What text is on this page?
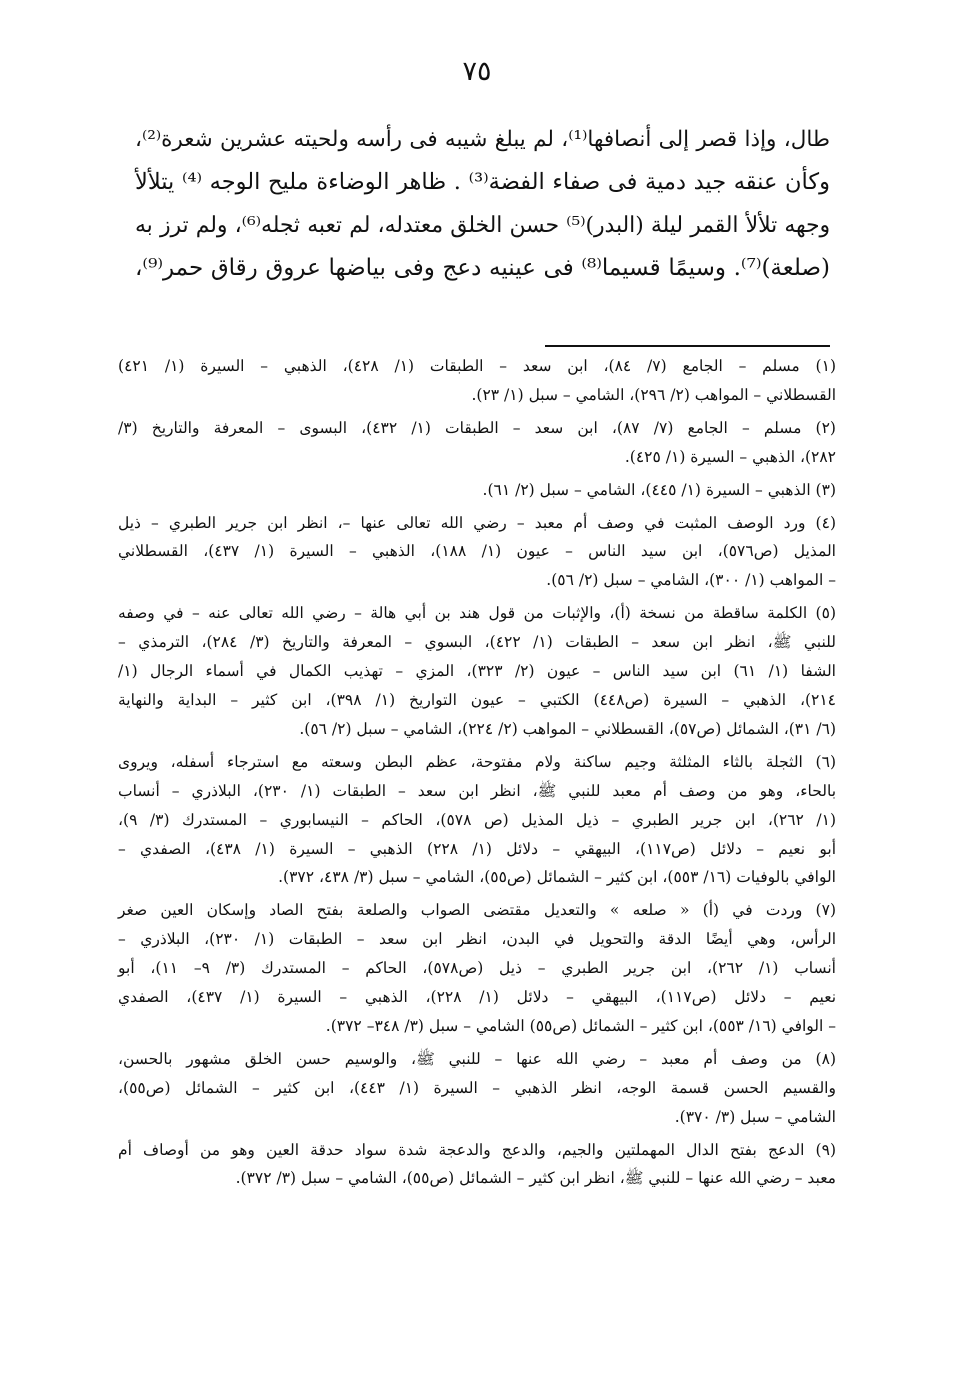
٧٥
طال، وإذا قصر إلى أنصافها⁽¹⁾، لم يبلغ شيبه فى رأسه ولحيته عشرين شعرة⁽²⁾،
وكأن عنقه جيد دمية فى صفاء الفضة⁽³⁾ . ظاهر الوضاءة مليح الوجه ⁽⁴⁾ يتلألأ
وجهه تلألأ القمر ليلة (البدر)⁽⁵⁾ حسن الخلق معتدله، لم تعبه ثجله⁽⁶⁾، ولم ترز به
(صلعة)⁽⁷⁾. وسيمًا قسيما⁽⁸⁾ فى عينيه دعج وفى بياضها عروق رقاق حمر⁽⁹⁾،
(١) مسلم – الجامع (٧/ ٨٤)، ابن سعد – الطبقات (١/ ٤٢٨)، الذهبي – السيرة (١/ ٤٢١)
القسطلاني – المواهب (٢/ ٢٩٦)، الشامي – سبل (١/ ٢٣).
(٢) مسلم – الجامع (٧/ ٨٧)، ابن سعد – الطبقات (١/ ٤٣٢)، البسوى – المعرفة والتاريخ (٣/
٢٨٢)، الذهبي – السيرة (١/ ٤٢٥).
(٣) الذهبي – السيرة (١/ ٤٤٥)، الشامي – سبل (٢/ ٦١).
(٤) ورد الوصف المثبت في وصف أم معبد – رضي الله تعالى عنها –، انظر ابن جرير الطبري – ذيل
المذيل (ص٥٧٦)، ابن سيد الناس – عيون (١/ ١٨٨)، الذهبي – السيرة (١/ ٤٣٧)، القسطلاني
– المواهب (١/ ٣٠٠)، الشامي – سبل (٢/ ٥٦).
(٥) الكلمة ساقطة من نسخة (أ)، والإثبات من قول هند بن أبي هالة – رضي الله تعالى عنه – في وصفه
للنبي ﷺ، انظر ابن سعد – الطبقات (١/ ٤٢٢)، البسوي – المعرفة والتاريخ (٣/ ٢٨٤)، الترمذي –
الشفا (١/ ٦١) ابن سيد الناس – عيون (٢/ ٣٢٣)، المزي – تهذيب الكمال في أسماء الرجال (١/
٢١٤)، الذهبي – السيرة (ص٤٤٨) الكتبي – عيون التواريخ (١/ ٣٩٨)، ابن كثير – البداية والنهاية
(٦/ ٣١)، الشمائل (ص٥٧)، القسطلاني – المواهب (٢/ ٢٢٤)، الشامي – سبل (٢/ ٥٦).
(٦) الثجلة بالثاء المثلثة وجيم ساكنة ولام مفتوحة، عظم البطن وسعته مع استرجاء أسفله، ويروى
بالحاء، وهو من وصف أم معبد للنبي ﷺ، انظر ابن سعد – الطبقات (١/ ٢٣٠)، البلاذري – أنساب
(١/ ٢٦٢)، ابن جرير الطبري – ذيل المذيل (ص ٥٧٨)، الحاكم – النيسابوري – المستدرك (٣/ ٩)،
أبو نعيم – دلائل (ص١١٧)، البيهقي – دلائل (١/ ٢٢٨) الذهبي – السيرة (١/ ٤٣٨)، الصفدي –
الوافي بالوفيات (١٦/ ٥٥٣)، ابن كثير – الشمائل (ص٥٥)، الشامي – سبل (٣/ ٤٣٨، ٣٧٢).
(٧) وردت في (أ) « صلعه » والتعديل مقتضى الصواب والصلعة بفتح الصاد وإسكان العين صغر
الرأس، وهي أيضًا الدقة والتحويل في البدن، انظر ابن سعد – الطبقات (١/ ٢٣٠)، البلاذري –
أنساب (١/ ٢٦٢)، ابن جرير الطبري – ذيل (ص٥٧٨)، الحاكم – المستدرك (٣/ ٩– ١١)، أبو
نعيم – دلائل (ص١١٧)، البيهقي – دلائل (١/ ٢٢٨)، الذهبي – السيرة (١/ ٤٣٧)، الصفدي
– الوافي (١٦/ ٥٥٣)، ابن كثير – الشمائل (ص٥٥) الشامي – سبل (٣/ ٣٤٨– ٣٧٢).
(٨) من وصف أم معبد – رضي الله عنها – للنبي ﷺ، والوسيم حسن الخلق مشهور بالحسن،
والقسيم الحسن قسمة الوجه، انظر الذهبي – السيرة (١/ ٤٤٣)، ابن كثير – الشمائل (ص٥٥)،
الشامي – سبل (٣/ ٣٧٠).
(٩) الدعج بفتح الدال المهملتين والجيم، والدعج والدعجة شدة سواد حدقة العين وهو من أوصاف أم
معبد – رضي الله عنها – للنبي ﷺ، انظر ابن كثير – الشمائل (ص٥٥)، الشامي – سبل (٣/ ٣٧٢).
